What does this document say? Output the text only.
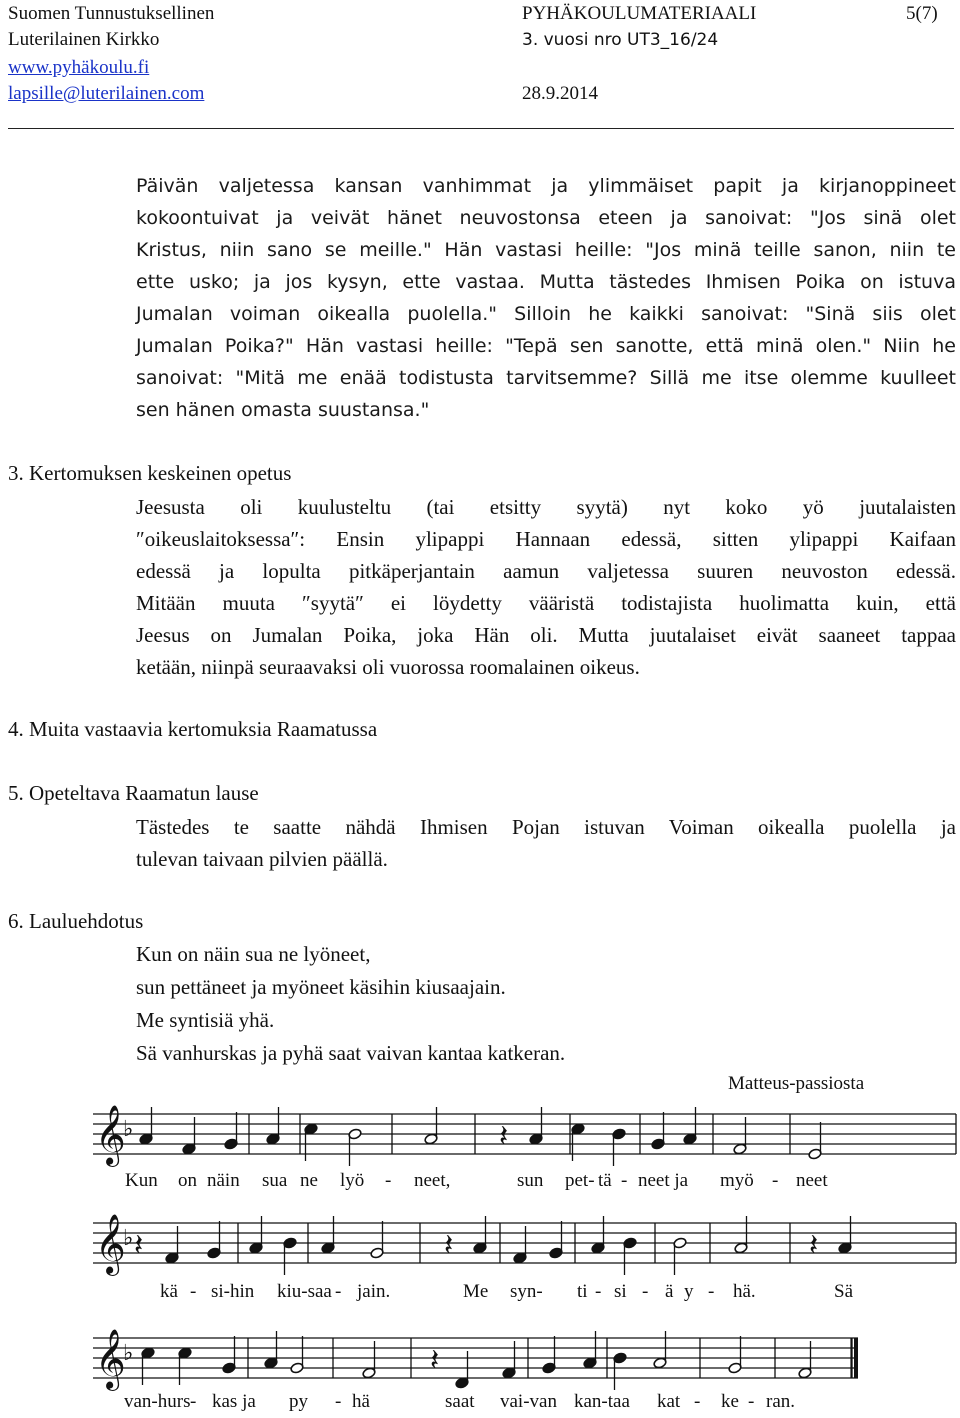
Suomen Tunnustuksellinen
Luterilainen Kirkko
www.pyhäkoulu.fi
lapsille@luterilainen.com
PYHÄKOULUMATERIAALI
3. vuosi nro UT3_16/24
28.9.2014
5(7)
Päivän valjetessa kansan vanhimmat ja ylimmäiset papit ja kirjanoppineet
kokoontuivat ja veivät hänet neuvostonsa eteen ja sanoivat: "Jos sinä olet
Kristus, niin sano se meille." Hän vastasi heille: "Jos minä teille sanon, niin te
ette usko; ja jos kysyn, ette vastaa. Mutta tästedes Ihmisen Poika on istuva
Jumalan voiman oikealla puolella." Silloin he kaikki sanoivat: "Sinä siis olet
Jumalan Poika?" Hän vastasi heille: "Tepä sen sanotte, että minä olen." Niin he
sanoivat: "Mitä me enää todistusta tarvitsemme? Sillä me itse olemme kuulleet
sen hänen omasta suustansa."
3. Kertomuksen keskeinen opetus
Jeesusta oli kuulusteltu (tai etsitty syytä) nyt koko yö juutalaisten
″oikeuslaitoksessa″: Ensin ylipappi Hannaan edessä, sitten ylipappi Kaifaan
edessä ja lopulta pitkäperjantain aamun valjetessa suuren neuvoston edessä.
Mitään muuta ″syytä″ ei löydetty vääristä todistajista huolimatta kuin, että
Jeesus on Jumalan Poika, joka Hän oli. Mutta juutalaiset eivät saaneet tappaa
ketään, niinpä seuraavaksi oli vuorossa roomalainen oikeus.
4. Muita vastaavia kertomuksia Raamatussa
5. Opeteltava Raamatun lause
Tästedes te saatte nähdä Ihmisen Pojan istuvan Voiman oikealla puolella ja
tulevan taivaan pilvien päällä.
6. Lauluehdotus
Kun on näin sua ne lyöneet,
sun pettäneet ja myöneet käsihin kiusaajain.
Me syntisiä yhä.
Sä vanhurskas ja pyhä saat vaivan kantaa katkeran.
Matteus-passiosta
𝄞
♭	𝄽
Kun on näin sua ne lyö - neet,	sun pet- tä - neet ja myö - neet
𝄞
♭ 𝄽	𝄽	𝄽
kä - si-hin kiu-saa - jain.	Me syn- ti - si - ä y - hä.	Sä
𝄞
♭	𝄽
van-hurs - kas ja py - hä	saat vai-van kan-taa kat - ke - ran.
